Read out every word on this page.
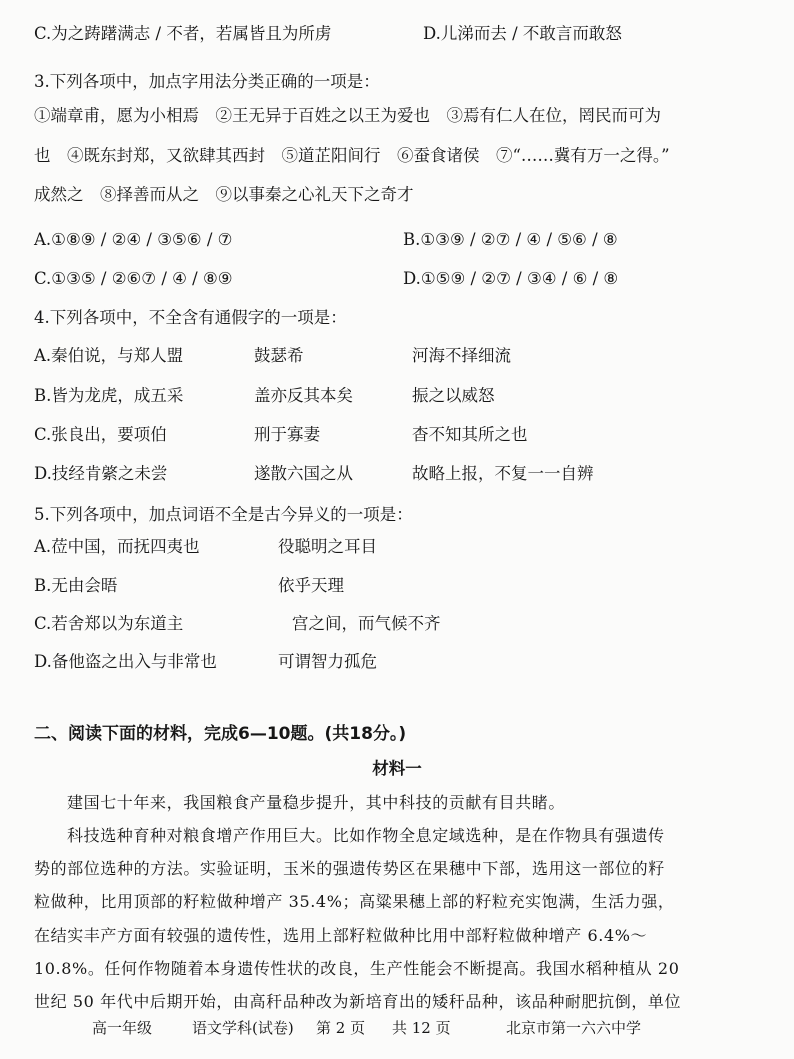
C.为之踌躇满志 / 不者，若属皆且为所虏	D.儿涕而去 / 不敢言而敢怒
3.下列各项中，加点字用法分类正确的一项是：
①端章甫，愿为小相焉　②王无异于百姓之以王为爱也　③焉有仁人在位，罔民而可为
也　④既东封郑，又欲肆其西封　⑤道芷阳间行　⑥蚕食诸侯　⑦“……冀有万一之得。”
成然之　⑧择善而从之　⑨以事秦之心礼天下之奇才
A.①⑧⑨ / ②④ / ③⑤⑥ / ⑦	B.①③⑨ / ②⑦ / ④ / ⑤⑥ / ⑧
C.①③⑤ / ②⑥⑦ / ④ / ⑧⑨	D.①⑤⑨ / ②⑦ / ③④ / ⑥ / ⑧
4.下列各项中，不全含有通假字的一项是：
A.秦伯说，与郑人盟	鼓瑟希	河海不择细流
B.皆为龙虎，成五采	盖亦反其本矣	振之以威怒
C.张良出，要项伯	刑于寡妻	杳不知其所之也
D.技经肯綮之未尝	遂散六国之从	故略上报，不复一一自辨
5.下列各项中，加点词语不全是古今异义的一项是：
A.莅中国，而抚四夷也	役聪明之耳目
B.无由会晤	依乎天理
C.若舍郑以为东道主	宫之间，而气候不齐
D.备他盗之出入与非常也	可谓智力孤危
二、阅读下面的材料，完成6—10题。(共18分。)
材料一
建国七十年来，我国粮食产量稳步提升，其中科技的贡献有目共睹。
科技选种育种对粮食增产作用巨大。比如作物全息定域选种，是在作物具有强遗传
势的部位选种的方法。实验证明，玉米的强遗传势区在果穗中下部，选用这一部位的籽
粒做种，比用顶部的籽粒做种增产 35.4%；高粱果穗上部的籽粒充实饱满，生活力强，
在结实丰产方面有较强的遗传性，选用上部籽粒做种比用中部籽粒做种增产 6.4%～
10.8%。任何作物随着本身遗传性状的改良，生产性能会不断提高。我国水稻种植从 20
世纪 50 年代中后期开始，由高秆品种改为新培育出的矮秆品种，该品种耐肥抗倒，单位
高一年级	语文学科(试卷) 第 2 页 共 12 页	北京市第一六六中学
